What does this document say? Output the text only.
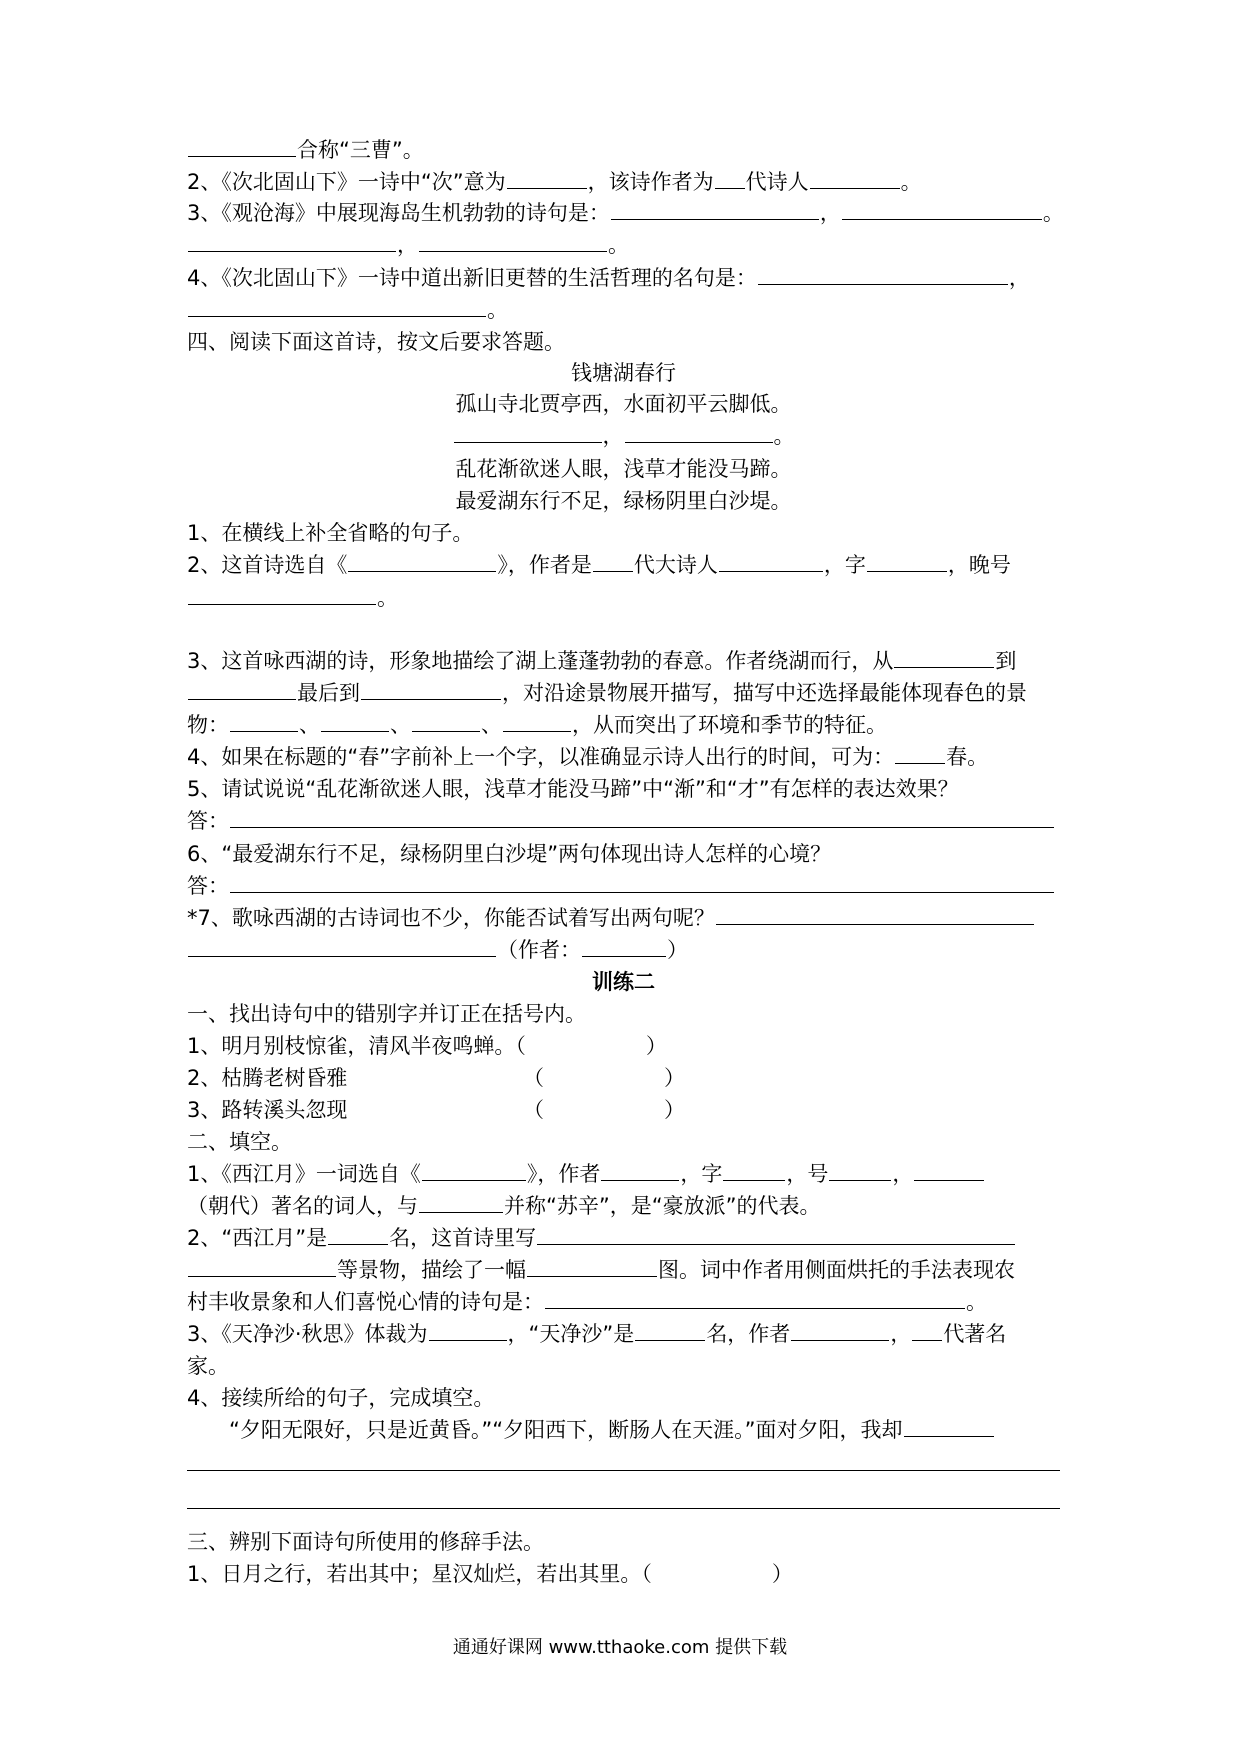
合称“三曹”。
2、《次北固山下》一诗中“次”意为	，该诗作者为 代诗人	。
3、《观沧海》中展现海岛生机勃勃的诗句是：	，	。
，	。
4、《次北固山下》一诗中道出新旧更替的生活哲理的名句是：	，
。
四、阅读下面这首诗，按文后要求答题。
钱塘湖春行
孤山寺北贾亭西，水面初平云脚低。
，	。
乱花渐欲迷人眼，浅草才能没马蹄。
最爱湖东行不足，绿杨阴里白沙堤。
1、在横线上补全省略的句子。
2、这首诗选自《	》，作者是 代大诗人	，字	，晚号
。
3、这首咏西湖的诗，形象地描绘了湖上蓬蓬勃勃的春意。作者绕湖而行，从	到
最后到	，对沿途景物展开描写，描写中还选择最能体现春色的景
物：	、	、	、	，从而突出了环境和季节的特征。
4、如果在标题的“春”字前补上一个字，以准确显示诗人出行的时间，可为： 春。
5、请试说说“乱花渐欲迷人眼，浅草才能没马蹄”中“渐”和“才”有怎样的表达效果？
答：
6、“最爱湖东行不足，绿杨阴里白沙堤”两句体现出诗人怎样的心境？
答：
*7、歌咏西湖的古诗词也不少，你能否试着写出两句呢？
（作者：	）
训练二
一、找出诗句中的错别字并订正在括号内。
1、明月别枝惊雀，清风半夜鸣蝉。（	）
2、枯腾老树昏雅	（	）
3、路转溪头忽现	（	）
二、填空。
1、《西江月》一词选自《	》，作者	，字	，号	，
（朝代）著名的词人，与	并称“苏辛”，是“豪放派”的代表。
2、“西江月”是	名，这首诗里写
等景物，描绘了一幅	图。词中作者用侧面烘托的手法表现农
村丰收景象和人们喜悦心情的诗句是：	。
3、《天净沙·秋思》体裁为	，“天净沙”是	名，作者	， 代著名
家。
4、接续所给的句子，完成填空。
“夕阳无限好，只是近黄昏。”“夕阳西下，断肠人在天涯。”面对夕阳，我却
三、辨别下面诗句所使用的修辞手法。
1、日月之行，若出其中；星汉灿烂，若出其里。（	）
通通好课网 www.tthaoke.com 提供下载
